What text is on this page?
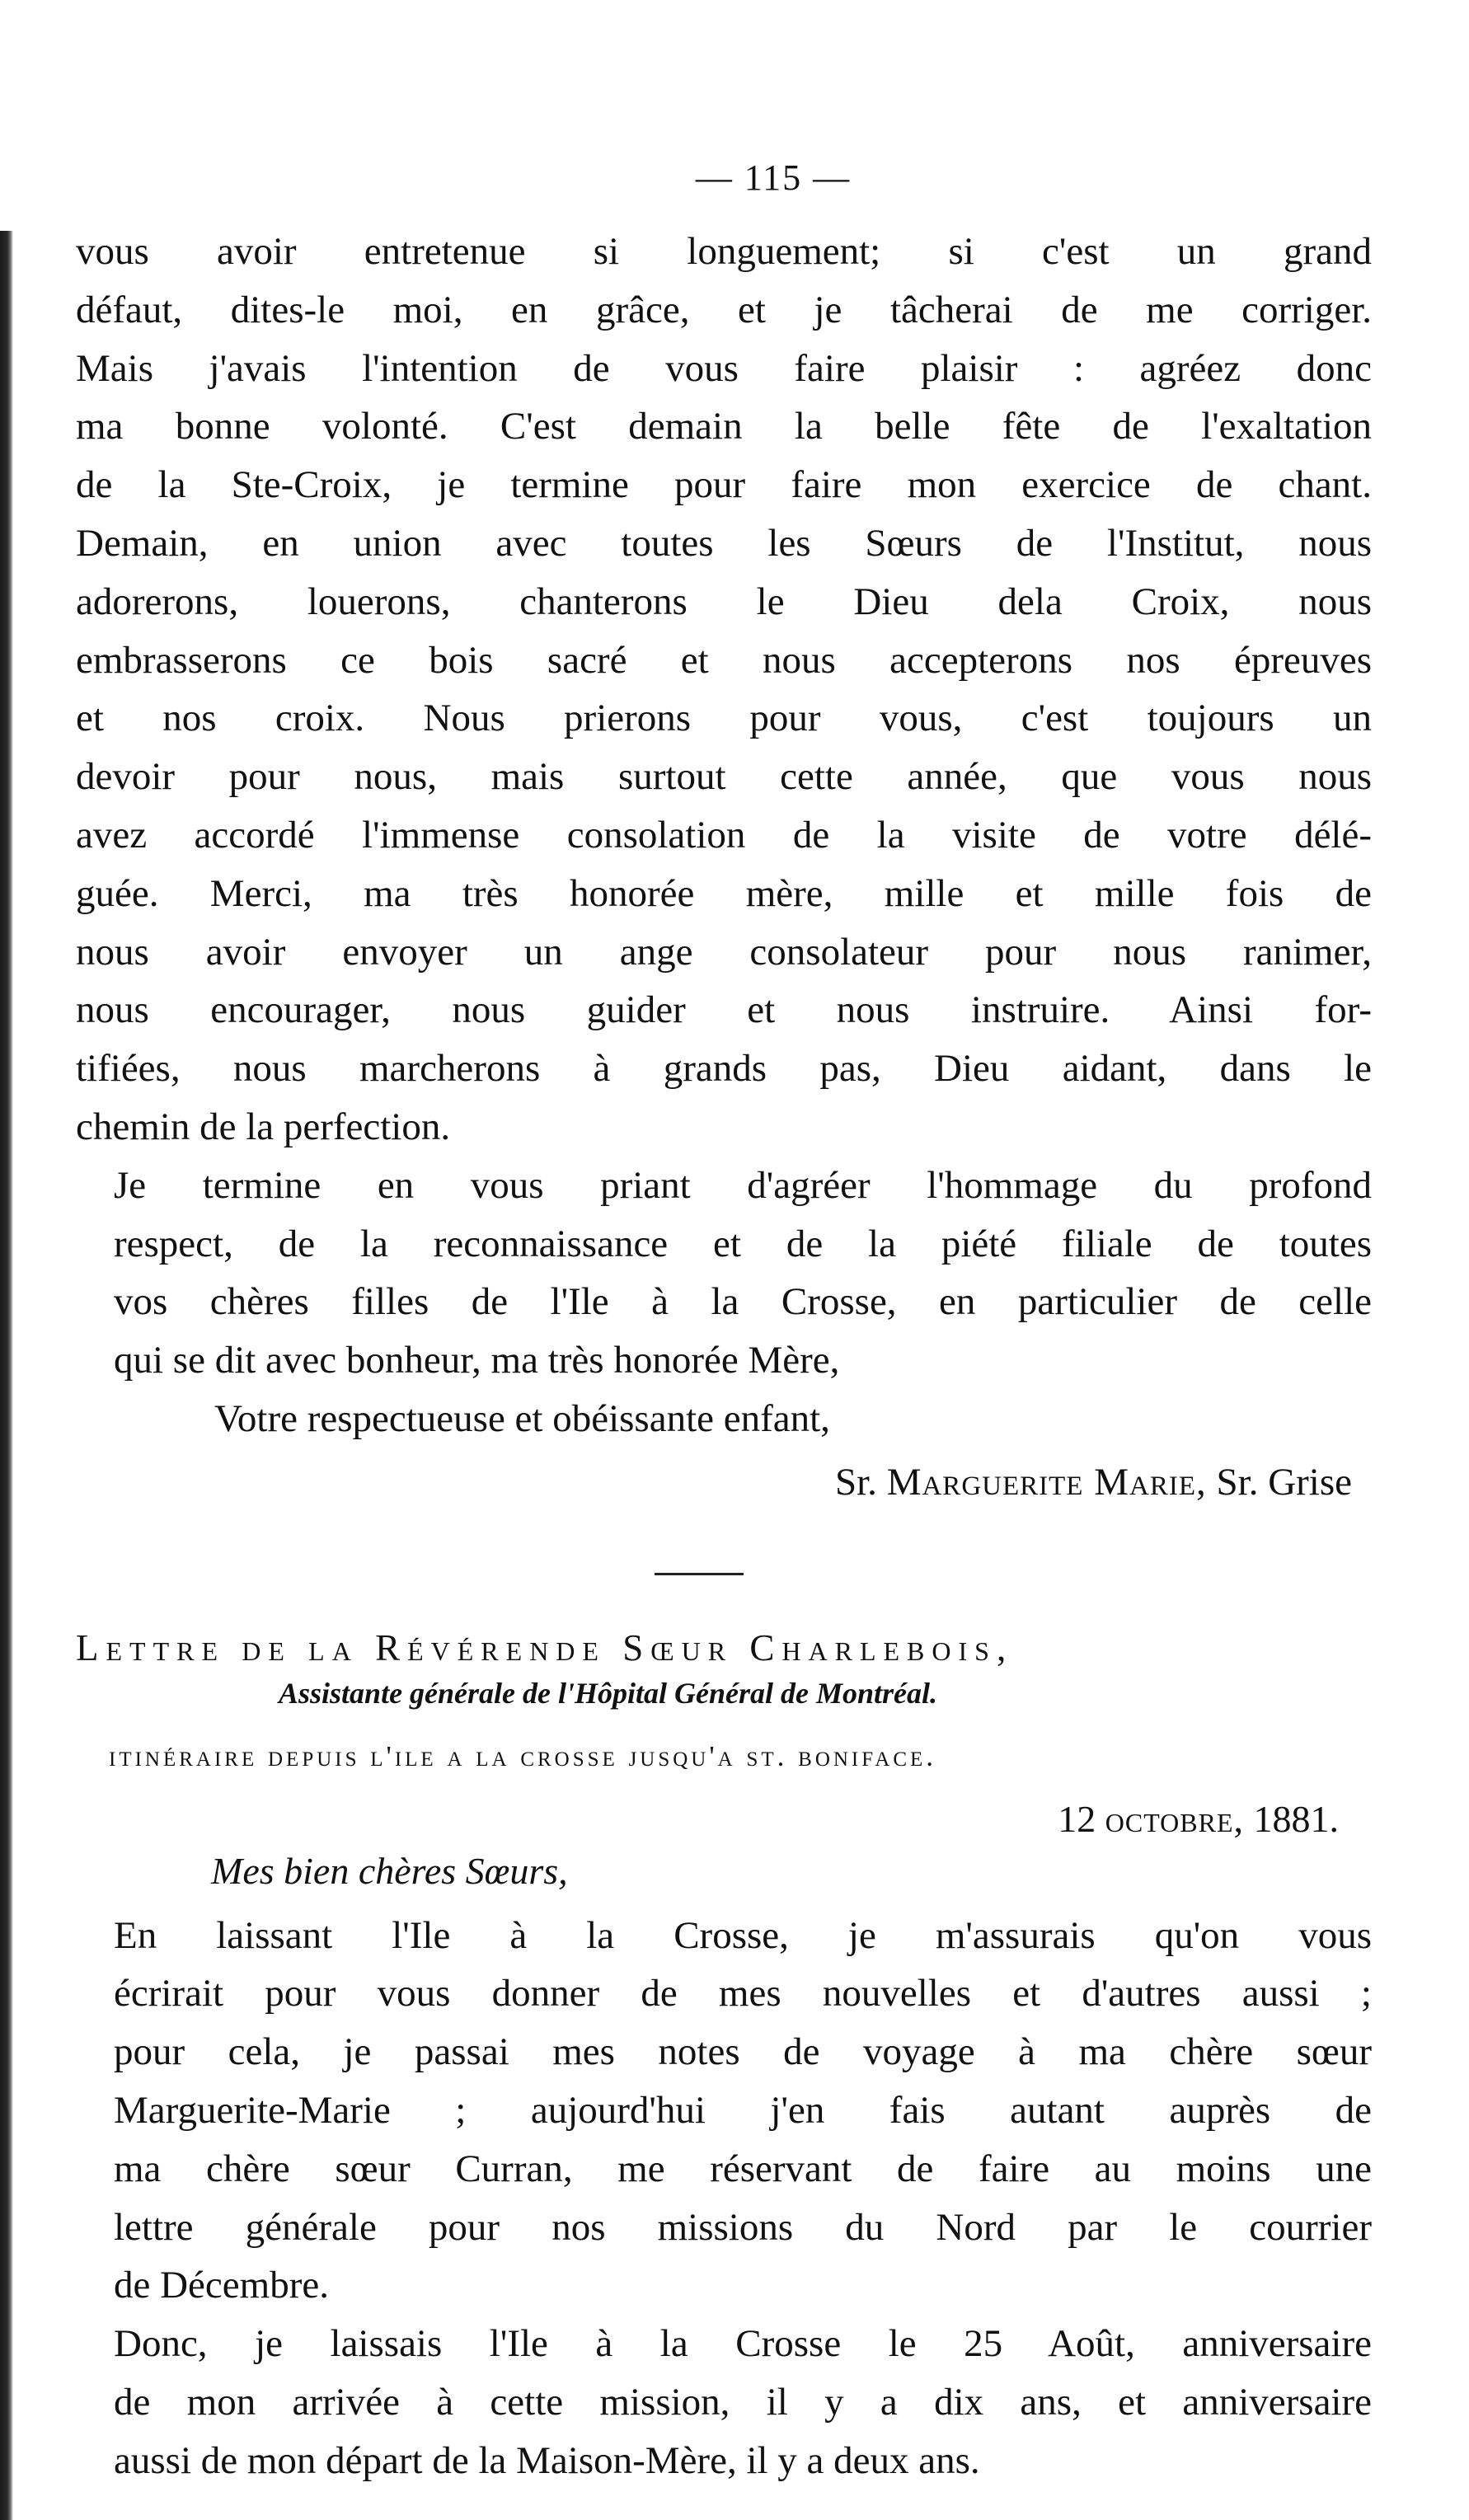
— 115 —

vous avoir entretenue si longuement; si c'est un grand
défaut, dites-le moi, en grâce, et je tâcherai de me corriger.
Mais j'avais l'intention de vous faire plaisir : agréez donc
ma bonne volonté. C'est demain la belle fête de l'exaltation
de la Ste-Croix, je termine pour faire mon exercice de chant.
Demain, en union avec toutes les Sœurs de l'Institut, nous
adorerons, louerons, chanterons le Dieu dela Croix, nous
embrasserons ce bois sacré et nous accepterons nos épreuves
et nos croix. Nous prierons pour vous, c'est toujours un
devoir pour nous, mais surtout cette année, que vous nous
avez accordé l'immense consolation de la visite de votre délé-
guée. Merci, ma très honorée mère, mille et mille fois de
nous avoir envoyer un ange consolateur pour nous ranimer,
nous encourager, nous guider et nous instruire. Ainsi for-
tifiées, nous marcherons à grands pas, Dieu aidant, dans le
chemin de la perfection.

Je termine en vous priant d'agréer l'hommage du profond
respect, de la reconnaissance et de la piété filiale de toutes
vos chères filles de l'Ile à la Crosse, en particulier de celle
qui se dit avec bonheur, ma très honorée Mère,

Votre respectueuse et obéissante enfant,
Sr. Marguerite Marie, Sr. Grise
Lettre de la Révérende Sœur Charlebois,
Assistante générale de l'Hôpital Général de Montréal.
itinéraire depuis l'ile a la crosse jusqu'a st. boniface.
12 octobre, 1881.
Mes bien chères Sœurs,

En laissant l'Ile à la Crosse, je m'assurais qu'on vous
écrirait pour vous donner de mes nouvelles et d'autres aussi ;
pour cela, je passai mes notes de voyage à ma chère sœur
Marguerite-Marie ; aujourd'hui j'en fais autant auprès de
ma chère sœur Curran, me réservant de faire au moins une
lettre générale pour nos missions du Nord par le courrier
de Décembre.

Donc, je laissais l'Ile à la Crosse le 25 Août, anniversaire
de mon arrivée à cette mission, il y a dix ans, et anniversaire
aussi de mon départ de la Maison-Mère, il y a deux ans.
